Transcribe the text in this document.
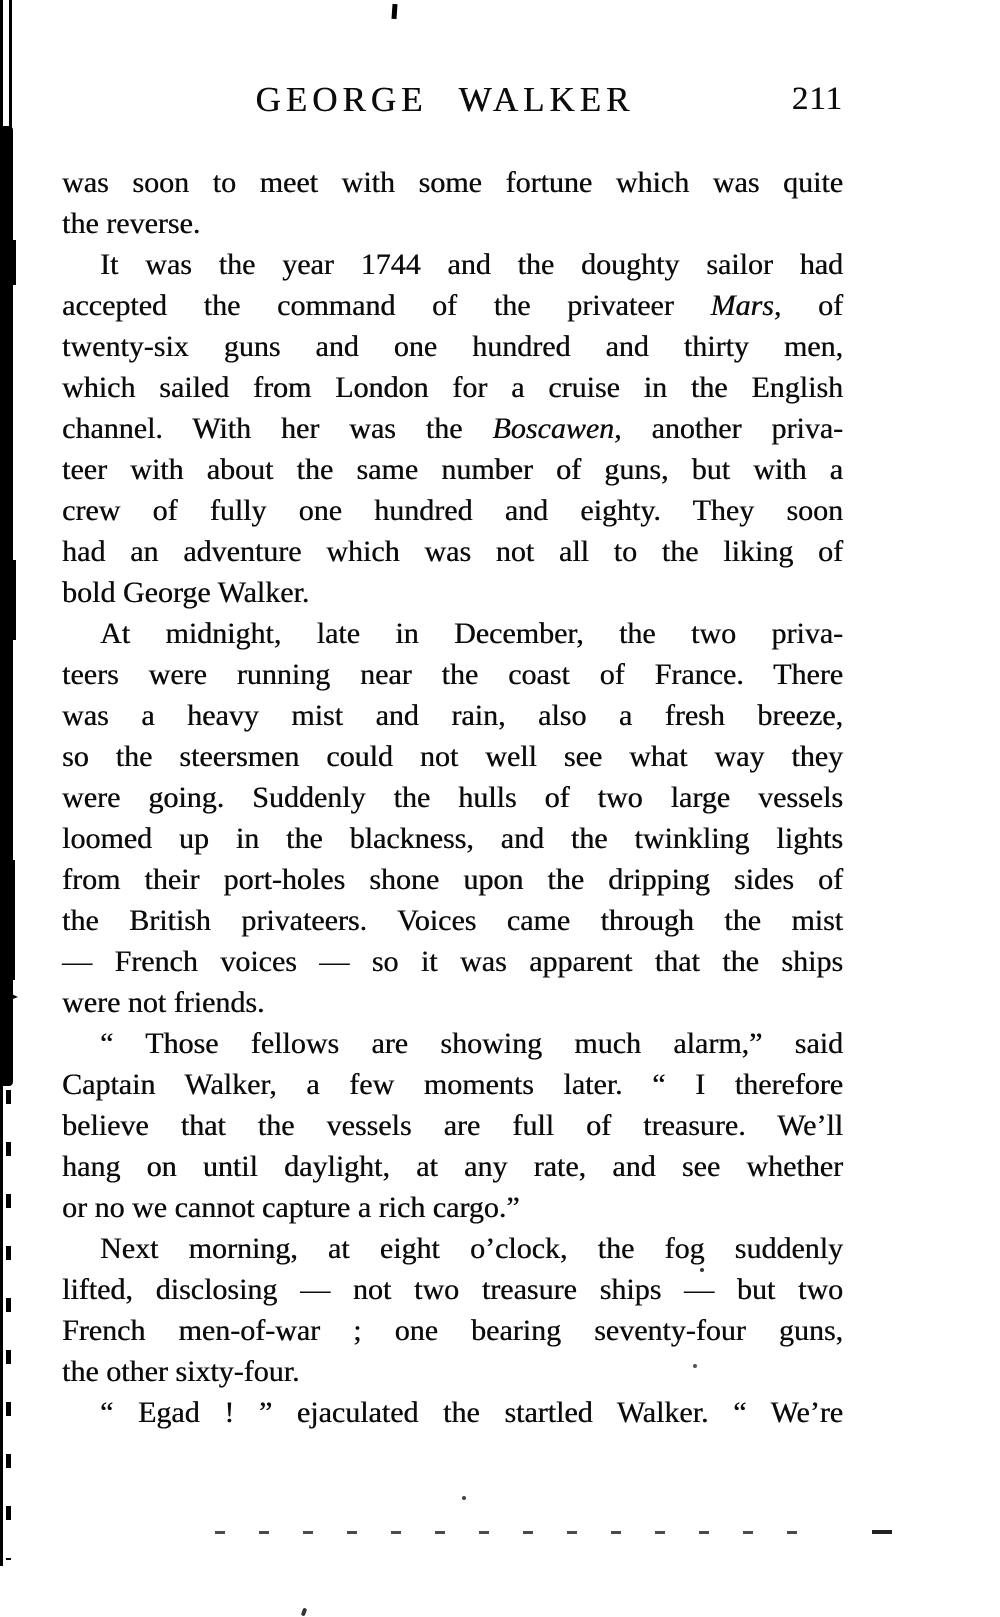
GEORGE WALKER	211
was soon to meet with some fortune which was quite
the reverse.
It was the year 1744 and the doughty sailor had
accepted the command of the privateer Mars, of
twenty-six guns and one hundred and thirty men,
which sailed from London for a cruise in the English
channel. With her was the Boscawen, another priva-
teer with about the same number of guns, but with a
crew of fully one hundred and eighty. They soon
had an adventure which was not all to the liking of
bold George Walker.
At midnight, late in December, the two priva-
teers were running near the coast of France. There
was a heavy mist and rain, also a fresh breeze,
so the steersmen could not well see what way they
were going. Suddenly the hulls of two large vessels
loomed up in the blackness, and the twinkling lights
from their port-holes shone upon the dripping sides of
the British privateers. Voices came through the mist
— French voices — so it was apparent that the ships
were not friends.
“ Those fellows are showing much alarm,” said
Captain Walker, a few moments later. “ I therefore
believe that the vessels are full of treasure. We’ll
hang on until daylight, at any rate, and see whether
or no we cannot capture a rich cargo.”
Next morning, at eight o’clock, the fog suddenly
lifted, disclosing — not two treasure ships — but two
French men-of-war ; one bearing seventy-four guns,
the other sixty-four.
“ Egad ! ” ejaculated the startled Walker. “ We’re
